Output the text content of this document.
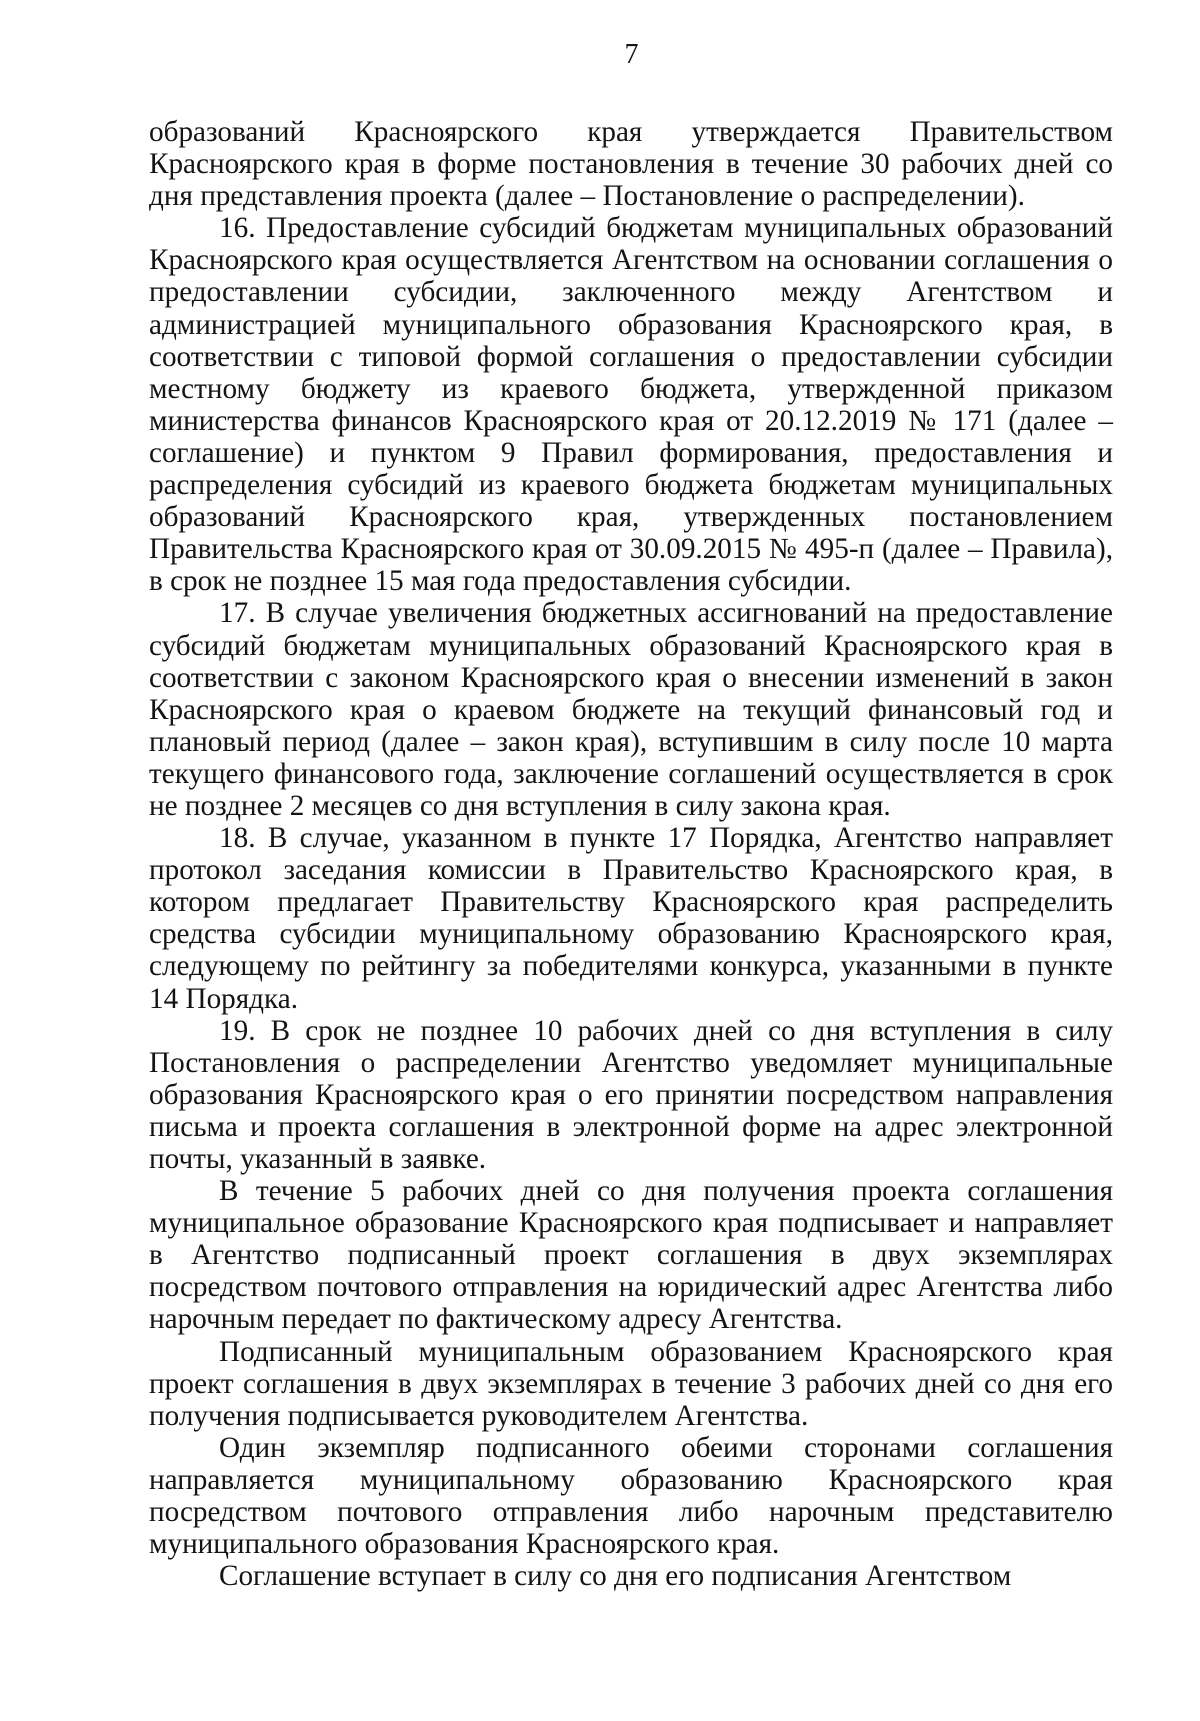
7

образований Красноярского края утверждается Правительством Красноярского края в форме постановления в течение 30 рабочих дней со дня представления проекта (далее – Постановление о распределении).

16. Предоставление субсидий бюджетам муниципальных образований Красноярского края осуществляется Агентством на основании соглашения о предоставлении субсидии, заключенного между Агентством и администрацией муниципального образования Красноярского края, в соответствии с типовой формой соглашения о предоставлении субсидии местному бюджету из краевого бюджета, утвержденной приказом министерства финансов Красноярского края от 20.12.2019 № 171 (далее – соглашение) и пунктом 9 Правил формирования, предоставления и распределения субсидий из краевого бюджета бюджетам муниципальных образований Красноярского края, утвержденных постановлением Правительства Красноярского края от 30.09.2015 № 495-п (далее – Правила), в срок не позднее 15 мая года предоставления субсидии.

17. В случае увеличения бюджетных ассигнований на предоставление субсидий бюджетам муниципальных образований Красноярского края в соответствии с законом Красноярского края о внесении изменений в закон Красноярского края о краевом бюджете на текущий финансовый год и плановый период (далее – закон края), вступившим в силу после 10 марта текущего финансового года, заключение соглашений осуществляется в срок не позднее 2 месяцев со дня вступления в силу закона края.

18. В случае, указанном в пункте 17 Порядка, Агентство направляет протокол заседания комиссии в Правительство Красноярского края, в котором предлагает Правительству Красноярского края распределить средства субсидии муниципальному образованию Красноярского края, следующему по рейтингу за победителями конкурса, указанными в пункте 14 Порядка.

19. В срок не позднее 10 рабочих дней со дня вступления в силу Постановления о распределении Агентство уведомляет муниципальные образования Красноярского края о его принятии посредством направления письма и проекта соглашения в электронной форме на адрес электронной почты, указанный в заявке.

В течение 5 рабочих дней со дня получения проекта соглашения муниципальное образование Красноярского края подписывает и направляет в Агентство подписанный проект соглашения в двух экземплярах посредством почтового отправления на юридический адрес Агентства либо нарочным передает по фактическому адресу Агентства.

Подписанный муниципальным образованием Красноярского края проект соглашения в двух экземплярах в течение 3 рабочих дней со дня его получения подписывается руководителем Агентства.

Один экземпляр подписанного обеими сторонами соглашения направляется муниципальному образованию Красноярского края посредством почтового отправления либо нарочным представителю муниципального образования Красноярского края.

Соглашение вступает в силу со дня его подписания Агентством
